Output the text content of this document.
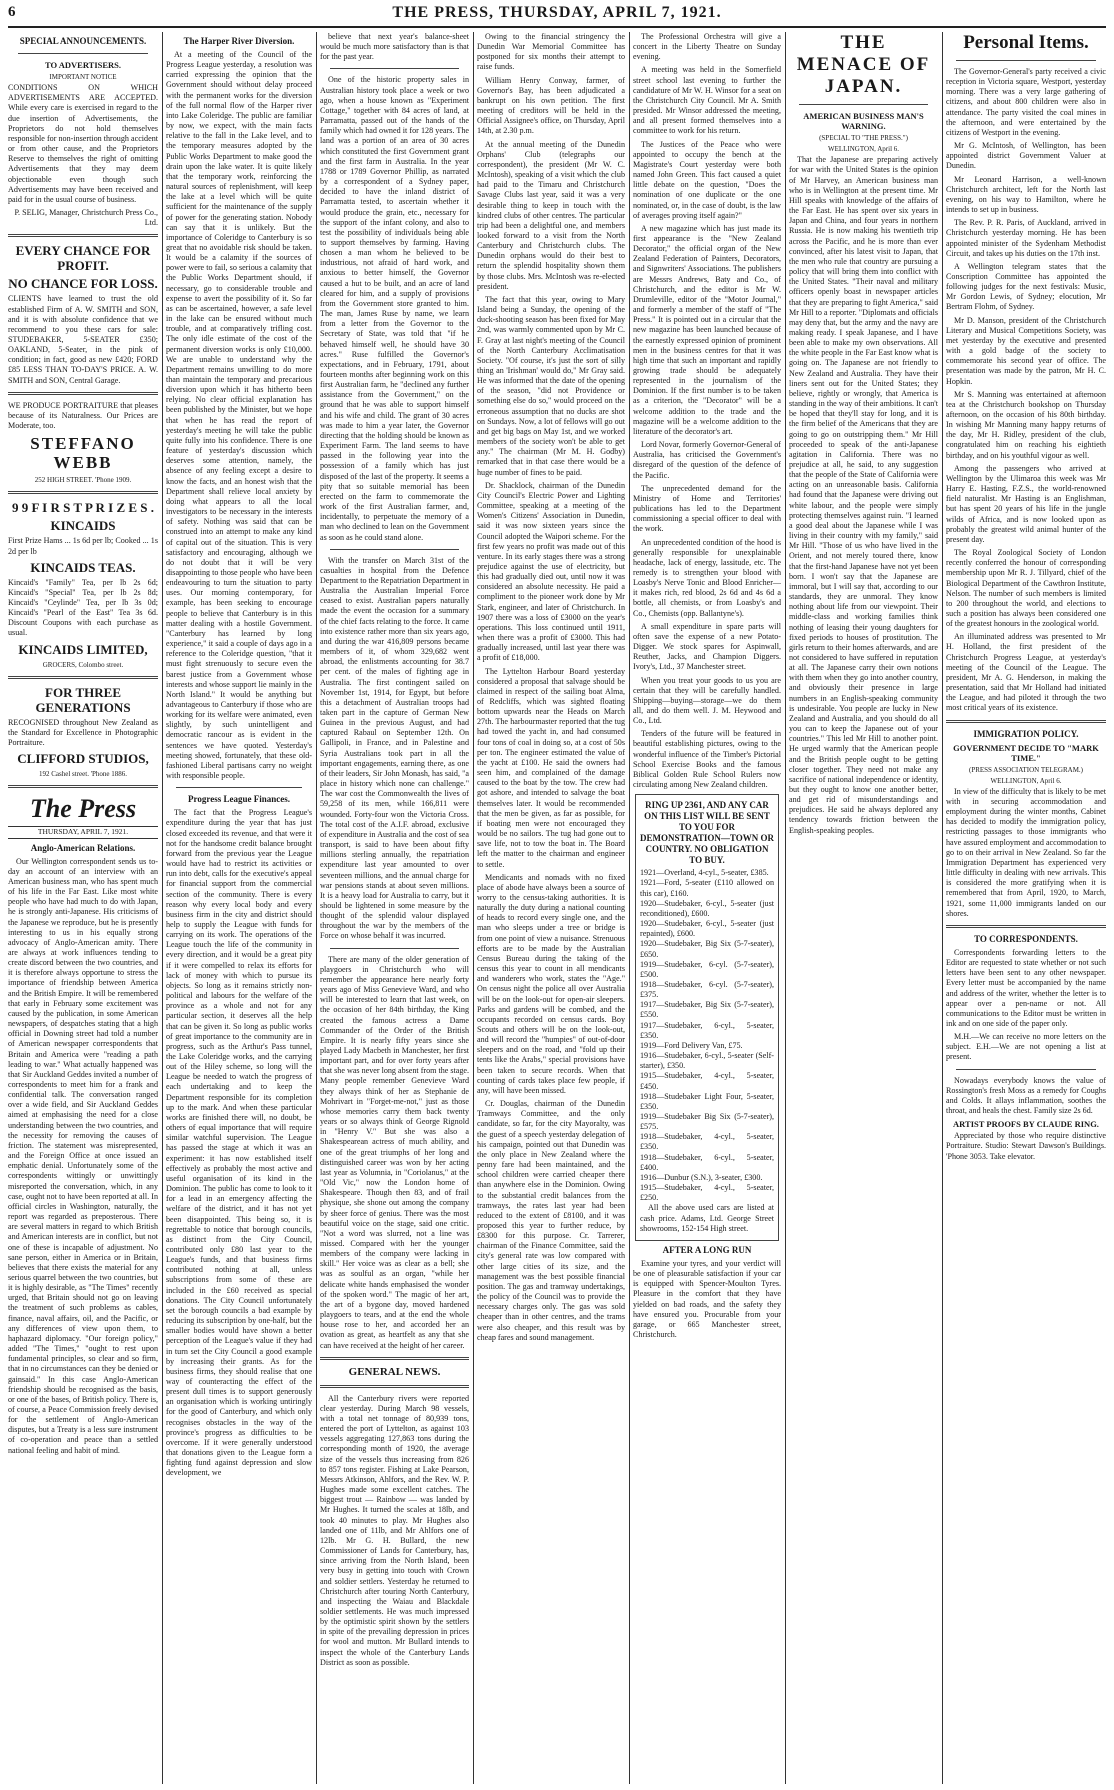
6	THE PRESS, THURSDAY, APRIL 7, 1921.
SPECIAL ANNOUNCEMENTS.
TO ADVERTISERS.
IMPORTANT NOTICE

CONDITIONS ON WHICH ADVERTISEMENTS ARE ACCEPTED. While every care is exercised in regard to the due insertion of Advertisements, the Proprietors do not hold themselves responsible for non-insertion through accident or from other cause, and the Proprietors Reserve to themselves the right of omitting Advertisements that they may deem objectionable even though such Advertisements may have been received and paid for in the usual course of business.

P. SELIG, Manager, Christchurch Press Co., Ltd.

EVERY CHANCE FOR PROFIT.
NO CHANCE FOR LOSS.

CLIENTS have learned to trust the old established Firm of A. W. SMITH and SON, and it is with absolute confidence that we recommend to you these cars for sale: STUDEBAKER, 5-SEATER £350; OAKLAND, 5-Seater, in the pink of condition; in fact, good as new £420; FORD £85 LESS THAN TO-DAY'S PRICE. A. W. SMITH and SON, Central Garage.

WE PRODUCE PORTRAITURE that pleases because of its Naturalness. Our Prices are Moderate, too.

STEFFANO WEBB
252 HIGH STREET. 'Phone 1909.
9 9 F I R S T P R I Z E S .
KINCAIDS

First Prize Hams ... 1s 6d per lb; Cooked ... 1s 2d per lb

KINCAIDS TEAS.

Kincaid's "Family" Tea, per lb 2s 6d; Kincaid's "Special" Tea, per lb 2s 8d; Kincaid's "Ceylinde" Tea, per lb 3s 0d; Kincaid's "Pearl of the East" Tea 3s 6d. Discount Coupons with each purchase as usual.

KINCAIDS LIMITED,
GROCERS, Colombo street.
FOR THREE GENERATIONS

RECOGNISED throughout New Zealand as the Standard for Excellence in Photographic Portraiture.

CLIFFORD STUDIOS,
192 Cashel street. 'Phone 1886.
The Press
THURSDAY, APRIL 7, 1921.
Anglo-American Relations.

Our Wellington correspondent sends us to-day an account of an interview with an American business man, who has spent much of his life in the Far East. Like most white people who have had much to do with Japan, he is strongly anti-Japanese. His criticisms of the Japanese we reproduce, but he is presently interesting to us in his equally strong advocacy of Anglo-American amity. There are always at work influences tending to create discord between the two countries, and it is therefore always opportune to stress the importance of friendship between America and the British Empire. It will be remembered that early in February some excitement was caused by the publication, in some American newspapers, of despatches stating that a high official in Downing street had told a number of American newspaper correspondents that Britain and America were "reading a path leading to war." What actually happened was that Sir Auckland Geddes invited a number of correspondents to meet him for a frank and confidential talk. The conversation ranged over a wide field, and Sir Auckland Geddes aimed at emphasising the need for a close understanding between the two countries, and the necessity for removing the causes of friction. The statement was misrepresented, and the Foreign Office at once issued an emphatic denial. Unfortunately some of the correspondents wittingly or unwittingly misreported the conversation, which, in any case, ought not to have been reported at all. In official circles in Washington, naturally, the report was regarded as preposterous. There are several matters in regard to which British and American interests are in conflict, but not one of these is incapable of adjustment. No sane person, either in America or in Britain, believes that there exists the material for any serious quarrel between the two countries, but it is highly desirable, as "The Times" recently urged, that Britain should not go on leaving the treatment of such problems as cables, finance, naval affairs, oil, and the Pacific, or any differences of view upon them, to haphazard diplomacy. "Our foreign policy," added "The Times," "ought to rest upon fundamental principles, so clear and so firm, that in no circumstances can they be denied or gainsaid." In this case Anglo-American friendship should be recognised as the basis, or one of the bases, of British policy. There is, of course, a Peace Commission freely devised for the settlement of Anglo-American disputes, but a Treaty is a less sure instrument of co-operation and peace than a settled national feeling and habit of mind.

The Harper River Diversion.

At a meeting of the Council of the Progress League yesterday, a resolution was carried expressing the opinion that the Government should without delay proceed with the permanent works for the diversion of the full normal flow of the Harper river into Lake Coleridge. The public are familiar by now, we expect, with the main facts relative to the fall in the Lake level, and to the temporary measures adopted by the Public Works Department to make good the drain upon the lake water. It is quite likely that the temporary work, reinforcing the natural sources of replenishment, will keep the lake at a level which will be quite sufficient for the maintenance of the supply of power for the generating station. Nobody can say that it is unlikely. But the importance of Coleridge to Canterbury is so great that no avoidable risk should be taken. It would be a calamity if the sources of power were to fail, so serious a calamity that the Public Works Department should, if necessary, go to considerable trouble and expense to avert the possibility of it. So far as can be ascertained, however, a safe level in the lake can be ensured without much trouble, and at comparatively trifling cost. The only idle estimate of the cost of the permanent diversion works is only £10,000. We are unable to understand why the Department remains unwilling to do more than maintain the temporary and precarious diversion upon which it has hitherto been relying. No clear official explanation has been published by the Minister, but we hope that when he has read the report of yesterday's meeting he will take the public quite fully into his confidence. There is one feature of yesterday's discussion which deserves some attention, namely, the absence of any feeling except a desire to know the facts, and an honest wish that the Department shall relieve local anxiety by doing what appears to all the local investigators to be necessary in the interests of safety. Nothing was said that can be construed into an attempt to make any kind of capital out of the situation. This is very satisfactory and encouraging, although we do not doubt that it will be very disappointing to those people who have been endeavouring to turn the situation to party uses. Our morning contemporary, for example, has been seeking to encourage people to believe that Canterbury is in this matter dealing with a hostile Government. "Canterbury has learned by long experience," it said a couple of days ago in a reference to the Coleridge question, "that it must fight strenuously to secure even the barest justice from a Government whose interests and whose support lie mainly in the North Island." It would be anything but advantageous to Canterbury if those who are working for its welfare were animated, even slightly, by such unintelligent and democratic rancour as is evident in the sentences we have quoted. Yesterday's meeting showed, fortunately, that these old-fashioned Liberal partisans carry no weight with responsible people.

Progress League Finances.

The fact that the Progress League's expenditure during the year that has just closed exceeded its revenue, and that were it not for the handsome credit balance brought forward from the previous year the League would have had to restrict its activities or run into debt, calls for the executive's appeal for financial support from the commercial section of the community. There is every reason why every local body and every business firm in the city and district should help to supply the League with funds for carrying on its work. The operations of the League touch the life of the community in every direction, and it would be a great pity if it were compelled to relax its efforts for lack of money with which to pursue its objects. So long as it remains strictly non-political and labours for the welfare of the province as a whole and not for any particular section, it deserves all the help that can be given it. So long as public works of great importance to the community are in progress, such as the Arthur's Pass tunnel, the Lake Coleridge works, and the carrying out of the Hiley scheme, so long will the League be needed to watch the progress of each undertaking and to keep the Department responsible for its completion up to the mark. And when these particular works are finished there will, no doubt, be others of equal importance that will require similar watchful supervision. The League has passed the stage at which it was an experiment: it has now established itself effectively as probably the most active and useful organisation of its kind in the Dominion. The public has come to look to it for a lead in an emergency affecting the welfare of the district, and it has not yet been disappointed. This being so, it is regrettable to notice that borough councils, as distinct from the City Council, contributed only £80 last year to the League's funds, and that business firms contributed nothing at all, unless subscriptions from some of these are included in the £60 received as special donations. The City Council unfortunately set the borough councils a bad example by reducing its subscription by one-half, but the smaller bodies would have shown a better perception of the League's value if they had in turn set the City Council a good example by increasing their grants. As for the business firms, they should realise that one way of counteracting the effect of the present dull times is to support generously an organisation which is working untiringly for the good of Canterbury, and which only recognises obstacles in the way of the province's progress as difficulties to be overcome. If it were generally understood that donations given to the League form a fighting fund against depression and slow development, we

believe that next year's balance-sheet would be much more satisfactory than is that for the past year.

One of the historic property sales in Australian history took place a week or two ago, when a house known as "Experiment Cottage," together with 84 acres of land, at Parramatta, passed out of the hands of the family which had owned it for 128 years. The land was a portion of an area of 30 acres which constituted the first Government grant and the first farm in Australia. In the year 1788 or 1789 Governor Phillip, as narrated by a correspondent of a Sydney paper, decided to have the inland district of Parramatta tested, to ascertain whether it would produce the grain, etc., necessary for the support of the infant colony, and also to test the possibility of individuals being able to support themselves by farming. Having chosen a man whom he believed to be industrious, not afraid of hard work, and anxious to better himself, the Governor caused a hut to be built, and an acre of land cleared for him, and a supply of provisions from the Government store granted to him. The man, James Ruse by name, we learn from a letter from the Governor to the Secretary of State, was told that "if he behaved himself well, he should have 30 acres." Ruse fulfilled the Governor's expectations, and in February, 1791, about fourteen months after beginning work on this first Australian farm, he "declined any further assistance from the Government," on the ground that he was able to support himself and his wife and child. The grant of 30 acres was made to him a year later, the Governor directing that the holding should be known as Experiment Farm. The land seems to have passed in the following year into the possession of a family which has just disposed of the last of the property. It seems a pity that so suitable memorial has been erected on the farm to commemorate the work of the first Australian farmer, and, incidentally, to perpetuate the memory of a man who declined to lean on the Government as soon as he could stand alone.

With the transfer on March 31st of the casualties in hospital from the Defence Department to the Repatriation Department in Australia the Australian Imperial Force ceased to exist. Australian papers naturally made the event the occasion for a summary of the chief facts relating to the force. It came into existence rather more than six years ago, and during the war 416,809 persons became members of it, of whom 329,682 went abroad, the enlistments accounting for 38.7 per cent. of the males of fighting age in Australia. The first contingent sailed on November 1st, 1914, for Egypt, but before this a detachment of Australian troops had taken part in the capture of German New Guinea in the previous August, and had captured Rabaul on September 12th. On Gallipoli, in France, and in Palestine and Syria Australians took part in all the important engagements, earning there, as one of their leaders, Sir John Monash, has said, "a place in history which none can challenge." The war cost the Commonwealth the lives of 59,258 of its men, while 166,811 were wounded. Forty-four won the Victoria Cross. The total cost of the A.I.F. abroad, exclusive of expenditure in Australia and the cost of sea transport, is said to have been about fifty millions sterling annually, the repatriation expenditure last year amounted to over seventeen millions, and the annual charge for war pensions stands at about seven millions. It is a heavy load for Australia to carry, but it should be lightened in some measure by the thought of the splendid valour displayed throughout the war by the members of the Force on whose behalf it was incurred.

There are many of the older generation of playgoers in Christchurch who will remember the appearance here nearly forty years ago of Miss Genevieve Ward, and who will be interested to learn that last week, on the occasion of her 84th birthday, the King created the famous actress a Dame Commander of the Order of the British Empire. It is nearly fifty years since she played Lady Macbeth in Manchester, her first important part, and for over forty years after that she was never long absent from the stage. Many people remember Genevieve Ward they always think of her as Stephanie de Mohrivart in "Forget-me-not," just as those whose memories carry them back twenty years or so always think of George Rignold in "Henry V." But she was also a Shakespearean actress of much ability, and one of the great triumphs of her long and distinguished career was won by her acting last year as Volumnia, in "Coriolanus," at the "Old Vic," now the London home of Shakespeare. Though then 83, and of frail physique, she shone out among the company by sheer force of genius. There was the most beautiful voice on the stage, said one critic. "Not a word was slurred, not a line was missed. Compared with her the younger members of the company were lacking in skill." Her voice was as clear as a bell; she was as soulful as an organ, "while her delicate white hands emphasised the wonder of the spoken word." The magic of her art, the art of a bygone day, moved hardened playgoers to tears, and at the end the whole house rose to her, and accorded her an ovation as great, as heartfelt as any that she can have received at the height of her career.

GENERAL NEWS.

All the Canterbury rivers were reported clear yesterday. During March 98 vessels, with a total net tonnage of 80,939 tons, entered the port of Lyttelton, as against 103 vessels aggregating 127,863 tons during the corresponding month of 1920, the average size of the vessels thus increasing from 826 to 857 tons register. Fishing at Lake Pearson, Messrs Atkinson, Ahlfors, and the Rev. W. P. Hughes made some excellent catches. The biggest trout — Rainbow — was landed by Mr Hughes. It turned the scales at 18lb, and took 40 minutes to play. Mr Hughes also landed one of 11lb, and Mr Ahlfors one of 12lb. Mr G. H. Bullard, the new Commissioner of Lands for Canterbury, has, since arriving from the North Island, been very busy in getting into touch with Crown and soldier settlers. Yesterday he returned to Christchurch after touring North Canterbury, and inspecting the Waiau and Blackdale soldier settlements. He was much impressed by the optimistic spirit shown by the settlers in spite of the prevailing depression in prices for wool and mutton. Mr Bullard intends to inspect the whole of the Canterbury Lands District as soon as possible.

Owing to the financial stringency the Dunedin War Memorial Committee has postponed for six months their attempt to raise funds.

William Henry Conway, farmer, of Governor's Bay, has been adjudicated a bankrupt on his own petition. The first meeting of creditors will be held in the Official Assignee's office, on Thursday, April 14th, at 2.30 p.m.

At the annual meeting of the Dunedin Orphans' Club (telegraphs our correspondent), the president (Mr W. C. McIntosh), speaking of a visit which the club had paid to the Timaru and Christchurch Savage Clubs last year, said it was a very desirable thing to keep in touch with the kindred clubs of other centres. The particular trip had been a delightful one, and members looked forward to a visit from the North Canterbury and Christchurch clubs. The Dunedin orphans would do their best to return the splendid hospitality shown them by those clubs. Mrs. McIntosh was re-elected president.

The fact that this year, owing to Mary Island being a Sunday, the opening of the duck-shooting season has been fixed for May 2nd, was warmly commented upon by Mr C. F. Gray at last night's meeting of the Council of the North Canterbury Acclimatisation Society. "Of course, it's just the sort of silly thing an 'Irishman' would do," Mr Gray said. He was informed that the date of the opening of the season, "did not Providence or something else do so," would proceed on the erroneous assumption that no ducks are shot on Sundays. Now, a lot of fellows will go out and get big bags on May 1st, and we worked members of the society won't be able to get any." The chairman (Mr M. H. Godby) remarked that in that case there would be a huge number of fines to be paid.

Dr. Shacklock, chairman of the Dunedin City Council's Electric Power and Lighting Committee, speaking at a meeting of the Women's Citizens' Association in Dunedin, said it was now sixteen years since the Council adopted the Waipori scheme. For the first few years no profit was made out of this venture. In its early stages there was a strong prejudice against the use of electricity, but this had gradually died out, until now it was considered an absolute necessity. He paid a compliment to the pioneer work done by Mr Stark, engineer, and later of Christchurch. In 1907 there was a loss of £3000 on the year's operations. This loss continued until 1911, when there was a profit of £3000. This had gradually increased, until last year there was a profit of £18,000.

The Lyttelton Harbour Board yesterday considered a proposal that salvage should be claimed in respect of the sailing boat Alma, of Redcliffs, which was sighted floating bottom upwards near the Heads on March 27th. The harbourmaster reported that the tug had towed the yacht in, and had consumed four tons of coal in doing so, at a cost of 50s per ton. The engineer estimated the value of the yacht at £100. He said the owners had seen him, and complained of the damage caused to the boat by the tow. The crew had got ashore, and intended to salvage the boat themselves later. It would be recommended that the men be given, as far as possible, for if boating men were not encouraged they would be no sailors. The tug had gone out to save life, not to tow the boat in. The Board left the matter to the chairman and engineer to settle.

Mendicants and nomads with no fixed place of abode have always been a source of worry to the census-taking authorities. It is naturally the duty during a national counting of heads to record every single one, and the man who sleeps under a tree or bridge is from one point of view a nuisance. Strenuous efforts are to be made by the Australian Census Bureau during the taking of the census this year to count in all mendicants and wanderers who work, states the "Age." On census night the police all over Australia will be on the look-out for open-air sleepers. Parks and gardens will be combed, and the occupants recorded on census cards. Boy Scouts and others will be on the look-out, and will record the "humpies" of out-of-door sleepers and on the road, and "fold up their tents like the Arabs," special provisions have been taken to secure records. When that counting of cards takes place few people, if any, will have been missed.

Cr. Douglas, chairman of the Dunedin Tramways Committee, and the only candidate, so far, for the city Mayoralty, was the guest of a speech yesterday delegation of his campaign, pointed out that Dunedin was the only place in New Zealand where the penny fare had been maintained, and the school children were carried cheaper there than anywhere else in the Dominion. Owing to the substantial credit balances from the tramways, the rates last year had been reduced to the extent of £8100, and it was proposed this year to further reduce, by £8300 for this purpose. Cr. Tarrerer, chairman of the Finance Committee, said the city's general rate was low compared with other large cities of its size, and the management was the best possible financial position. The gas and tramway undertakings, the policy of the Council was to provide the necessary charges only. The gas was sold cheaper than in other centres, and the trams were also cheaper, and this result was by cheap fares and sound management.

The Professional Orchestra will give a concert in the Liberty Theatre on Sunday evening.

A meeting was held in the Somerfield street school last evening to further the candidature of Mr W. H. Winsor for a seat on the Christchurch City Council. Mr A. Smith presided. Mr Winsor addressed the meeting, and all present formed themselves into a committee to work for his return.

The Justices of the Peace who were appointed to occupy the bench at the Magistrate's Court yesterday were both named John Green. This fact caused a quiet little debate on the question, "Does the nomination of one duplicate or the one nominated, or, in the case of doubt, is the law of averages proving itself again?"

A new magazine which has just made its first appearance is the "New Zealand Decorator," the official organ of the New Zealand Federation of Painters, Decorators, and Signwriters' Associations. The publishers are Messrs Andrews, Baty and Co., of Christchurch, and the editor is Mr W. Drumleville, editor of the "Motor Journal," and formerly a member of the staff of "The Press." It is pointed out in a circular that the new magazine has been launched because of the earnestly expressed opinion of prominent men in the business centres for that it was high time that such an important and rapidly growing trade should be adequately represented in the journalism of the Dominion. If the first number is to be taken as a criterion, the "Decorator" will be a welcome addition to the trade and the magazine will be a welcome addition to the literature of the decorator's art.

Lord Novar, formerly Governor-General of Australia, has criticised the Government's disregard of the question of the defence of the Pacific.

The unprecedented demand for the Ministry of Home and Territories' publications has led to the Department commissioning a special officer to deal with the work.

An unprecedented condition of the hood is generally responsible for unexplainable headache, lack of energy, lassitude, etc. The remedy is to strengthen your blood with Loasby's Nerve Tonic and Blood Enricher—it makes rich, red blood, 2s 6d and 4s 6d a bottle, all chemists, or from Loasby's and Co., Chemists (opp. Ballantyne's).

A small expenditure in spare parts will often save the expense of a new Potato-Digger. We stock spares for Aspinwall, Reuther, Jacks, and Champion Diggers. Ivory's, Ltd., 37 Manchester street.

When you treat your goods to us you are certain that they will be carefully handled. Shipping—buying—storage—we do them all, and do them well. J. M. Heywood and Co., Ltd.

Tenders of the future will be featured in beautiful establishing pictures, owing to the wonderful influence of the Timber's Pictorial School Exercise Books and the famous Biblical Golden Rule School Rulers now circulating among New Zealand children.

RING UP 2361, AND ANY CAR ON THIS LIST WILL BE SENT TO YOU FOR DEMONSTRATION—TOWN OR COUNTRY. NO OBLIGATION TO BUY.
1921—Overland, 4-cyl., 5-seater, £385.
1921—Ford, 5-seater (£110 allowed on this car), £160.
1920—Studebaker, 6-cyl., 5-seater (just reconditioned), £600.
1920—Studebaker, 6-cyl., 5-seater (just repainted), £600.
1920—Studebaker, Big Six (5-7-seater), £650.
1919—Studebaker, 6-cyl. (5-7-seater), £500.
1918—Studebaker, 6-cyl. (5-7-seater), £375.
1917—Studebaker, Big Six (5-7-seater), £550.
1917—Studebaker, 6-cyl., 5-seater, £350.
1919—Ford Delivery Van, £75.
1916—Studebaker, 6-cyl., 5-seater (Self-starter), £350.
1915—Studebaker, 4-cyl., 5-seater, £450.
1918—Studebaker Light Four, 5-seater, £350.
1919—Studebaker Big Six (5-7-seater), £575.
1918—Studebaker, 4-cyl., 5-seater, £350.
1918—Studebaker, 6-cyl., 5-seater, £400.
1916—Dunbur (S.N.), 3-seater, £300.
1915—Studebaker, 4-cyl., 5-seater, £250.

All the above used cars are listed at cash price. Adams, Ltd. George Street showrooms, 152-154 High street.

AFTER A LONG RUN

Examine your tyres, and your verdict will be one of pleasurable satisfaction if your car is equipped with Spencer-Moulton Tyres. Pleasure in the comfort that they have yielded on bad roads, and the safety they have ensured you. Procurable from your garage, or 665 Manchester street, Christchurch.

THE MENACE OF JAPAN.
AMERICAN BUSINESS MAN'S WARNING.
(SPECIAL TO "THE PRESS.")
WELLINGTON, April 6.

That the Japanese are preparing actively for war with the United States is the opinion of Mr Harvey, an American business man who is in Wellington at the present time. Mr Hill speaks with knowledge of the affairs of the Far East. He has spent over six years in Japan and China, and four years in northern Russia. He is now making his twentieth trip across the Pacific, and he is more than ever convinced, after his latest visit to Japan, that the men who rule that country are pursuing a policy that will bring them into conflict with the United States. "Their naval and military officers openly boast in newspaper articles that they are preparing to fight America," said Mr Hill to a reporter. "Diplomats and officials may deny that, but the army and the navy are making ready. I speak Japanese, and I have been able to make my own observations. All the white people in the Far East know what is going on. The Japanese are not friendly to New Zealand and Australia. They have their liners sent out for the United States; they believe, rightly or wrongly, that America is standing in the way of their ambitions. It can't be hoped that they'll stay for long, and it is the firm belief of the Americans that they are going to go on outstripping them." Mr Hill proceeded to speak of the anti-Japanese agitation in California. There was no prejudice at all, he said, to any suggestion that the people of the State of California were acting on an unreasonable basis. California had found that the Japanese were driving out white labour, and the people were simply protecting themselves against ruin. "I learned a good deal about the Japanese while I was living in their country with my family," said Mr Hill. "Those of us who have lived in the Orient, and not merely toured there, know that the first-hand Japanese have not yet been born. I won't say that the Japanese are immoral, but I will say that, according to our standards, they are unmoral. They know nothing about life from our viewpoint. Their middle-class and working families think nothing of leasing their young daughters for fixed periods to houses of prostitution. The girls return to their homes afterwards, and are not considered to have suffered in reputation at all. The Japanese carry their own notions with them when they go into another country, and obviously their presence in large numbers in an English-speaking community is undesirable. You people are lucky in New Zealand and Australia, and you should do all you can to keep the Japanese out of your countries." This led Mr Hill to another point. He urged warmly that the American people and the British people ought to be getting closer together. They need not make any sacrifice of national independence or identity, but they ought to know one another better, and get rid of misunderstandings and prejudices. He said he always deplored any tendency towards friction between the English-speaking peoples.

Personal Items.

The Governor-General's party received a civic reception in Victoria square, Westport, yesterday morning. There was a very large gathering of citizens, and about 800 children were also in attendance. The party visited the coal mines in the afternoon, and were entertained by the citizens of Westport in the evening.

Mr G. McIntosh, of Wellington, has been appointed district Government Valuer at Dunedin.

Mr Leonard Harrison, a well-known Christchurch architect, left for the North last evening, on his way to Hamilton, where he intends to set up in business.

The Rev. P. R. Paris, of Auckland, arrived in Christchurch yesterday morning. He has been appointed minister of the Sydenham Methodist Circuit, and takes up his duties on the 17th inst.

A Wellington telegram states that the Conscription Committee has appointed the following judges for the next festivals: Music, Mr Gordon Lewis, of Sydney; elocution, Mr Bertram Flohm, of Sydney.

Mr D. Manson, president of the Christchurch Literary and Musical Competitions Society, was met yesterday by the executive and presented with a gold badge of the society to commemorate his second year of office. The presentation was made by the patron, Mr H. C. Hopkin.

Mr S. Manning was entertained at afternoon tea at the Christchurch bookshop on Thursday afternoon, on the occasion of his 80th birthday. In wishing Mr Manning many happy returns of the day, Mr H. Ridley, president of the club, congratulated him on reaching his eightieth birthday, and on his youthful vigour as well.

Among the passengers who arrived at Wellington by the Ulimaroa this week was Mr Harry E. Hasting, F.Z.S., the world-renowned field naturalist. Mr Hasting is an Englishman, but has spent 20 years of his life in the jungle wilds of Africa, and is now looked upon as probably the greatest wild animal hunter of the present day.

The Royal Zoological Society of London recently conferred the honour of corresponding membership upon Mr R. J. Tillyard, chief of the Biological Department of the Cawthron Institute, Nelson. The number of such members is limited to 200 throughout the world, and elections to such a position has always been considered one of the greatest honours in the zoological world.

An illuminated address was presented to Mr H. Holland, the first president of the Christchurch Progress League, at yesterday's meeting of the Council of the League. The president, Mr A. G. Henderson, in making the presentation, said that Mr Holland had initiated the League, and had piloted it through the two most critical years of its existence.

IMMIGRATION POLICY.
GOVERNMENT DECIDE TO "MARK TIME."
(PRESS ASSOCIATION TELEGRAM.)
WELLINGTON, April 6.

In view of the difficulty that is likely to be met with in securing accommodation and employment during the winter months, Cabinet has decided to modify the immigration policy, restricting passages to those immigrants who have assured employment and accommodation to go to on their arrival in New Zealand. So far the Immigration Department has experienced very little difficulty in dealing with new arrivals. This is considered the more gratifying when it is remembered that from April, 1920, to March, 1921, some 11,000 immigrants landed on our shores.

TO CORRESPONDENTS.

Correspondents forwarding letters to the Editor are requested to state whether or not such letters have been sent to any other newspaper. Every letter must be accompanied by the name and address of the writer, whether the letter is to appear over a pen-name or not. All communications to the Editor must be written in ink and on one side of the paper only.

M.H.—We can receive no more letters on the subject. E.H.—We are not opening a list at present.

Nowadays everybody knows the value of Rossington's fresh Moss as a remedy for Coughs and Colds. It allays inflammation, soothes the throat, and heals the chest. Family size 2s 6d.

ARTIST PROOFS BY CLAUDE RING.

Appreciated by those who require distinctive Portraiture. Studio: Stewart Dawson's Buildings. 'Phone 3053. Take elevator.
